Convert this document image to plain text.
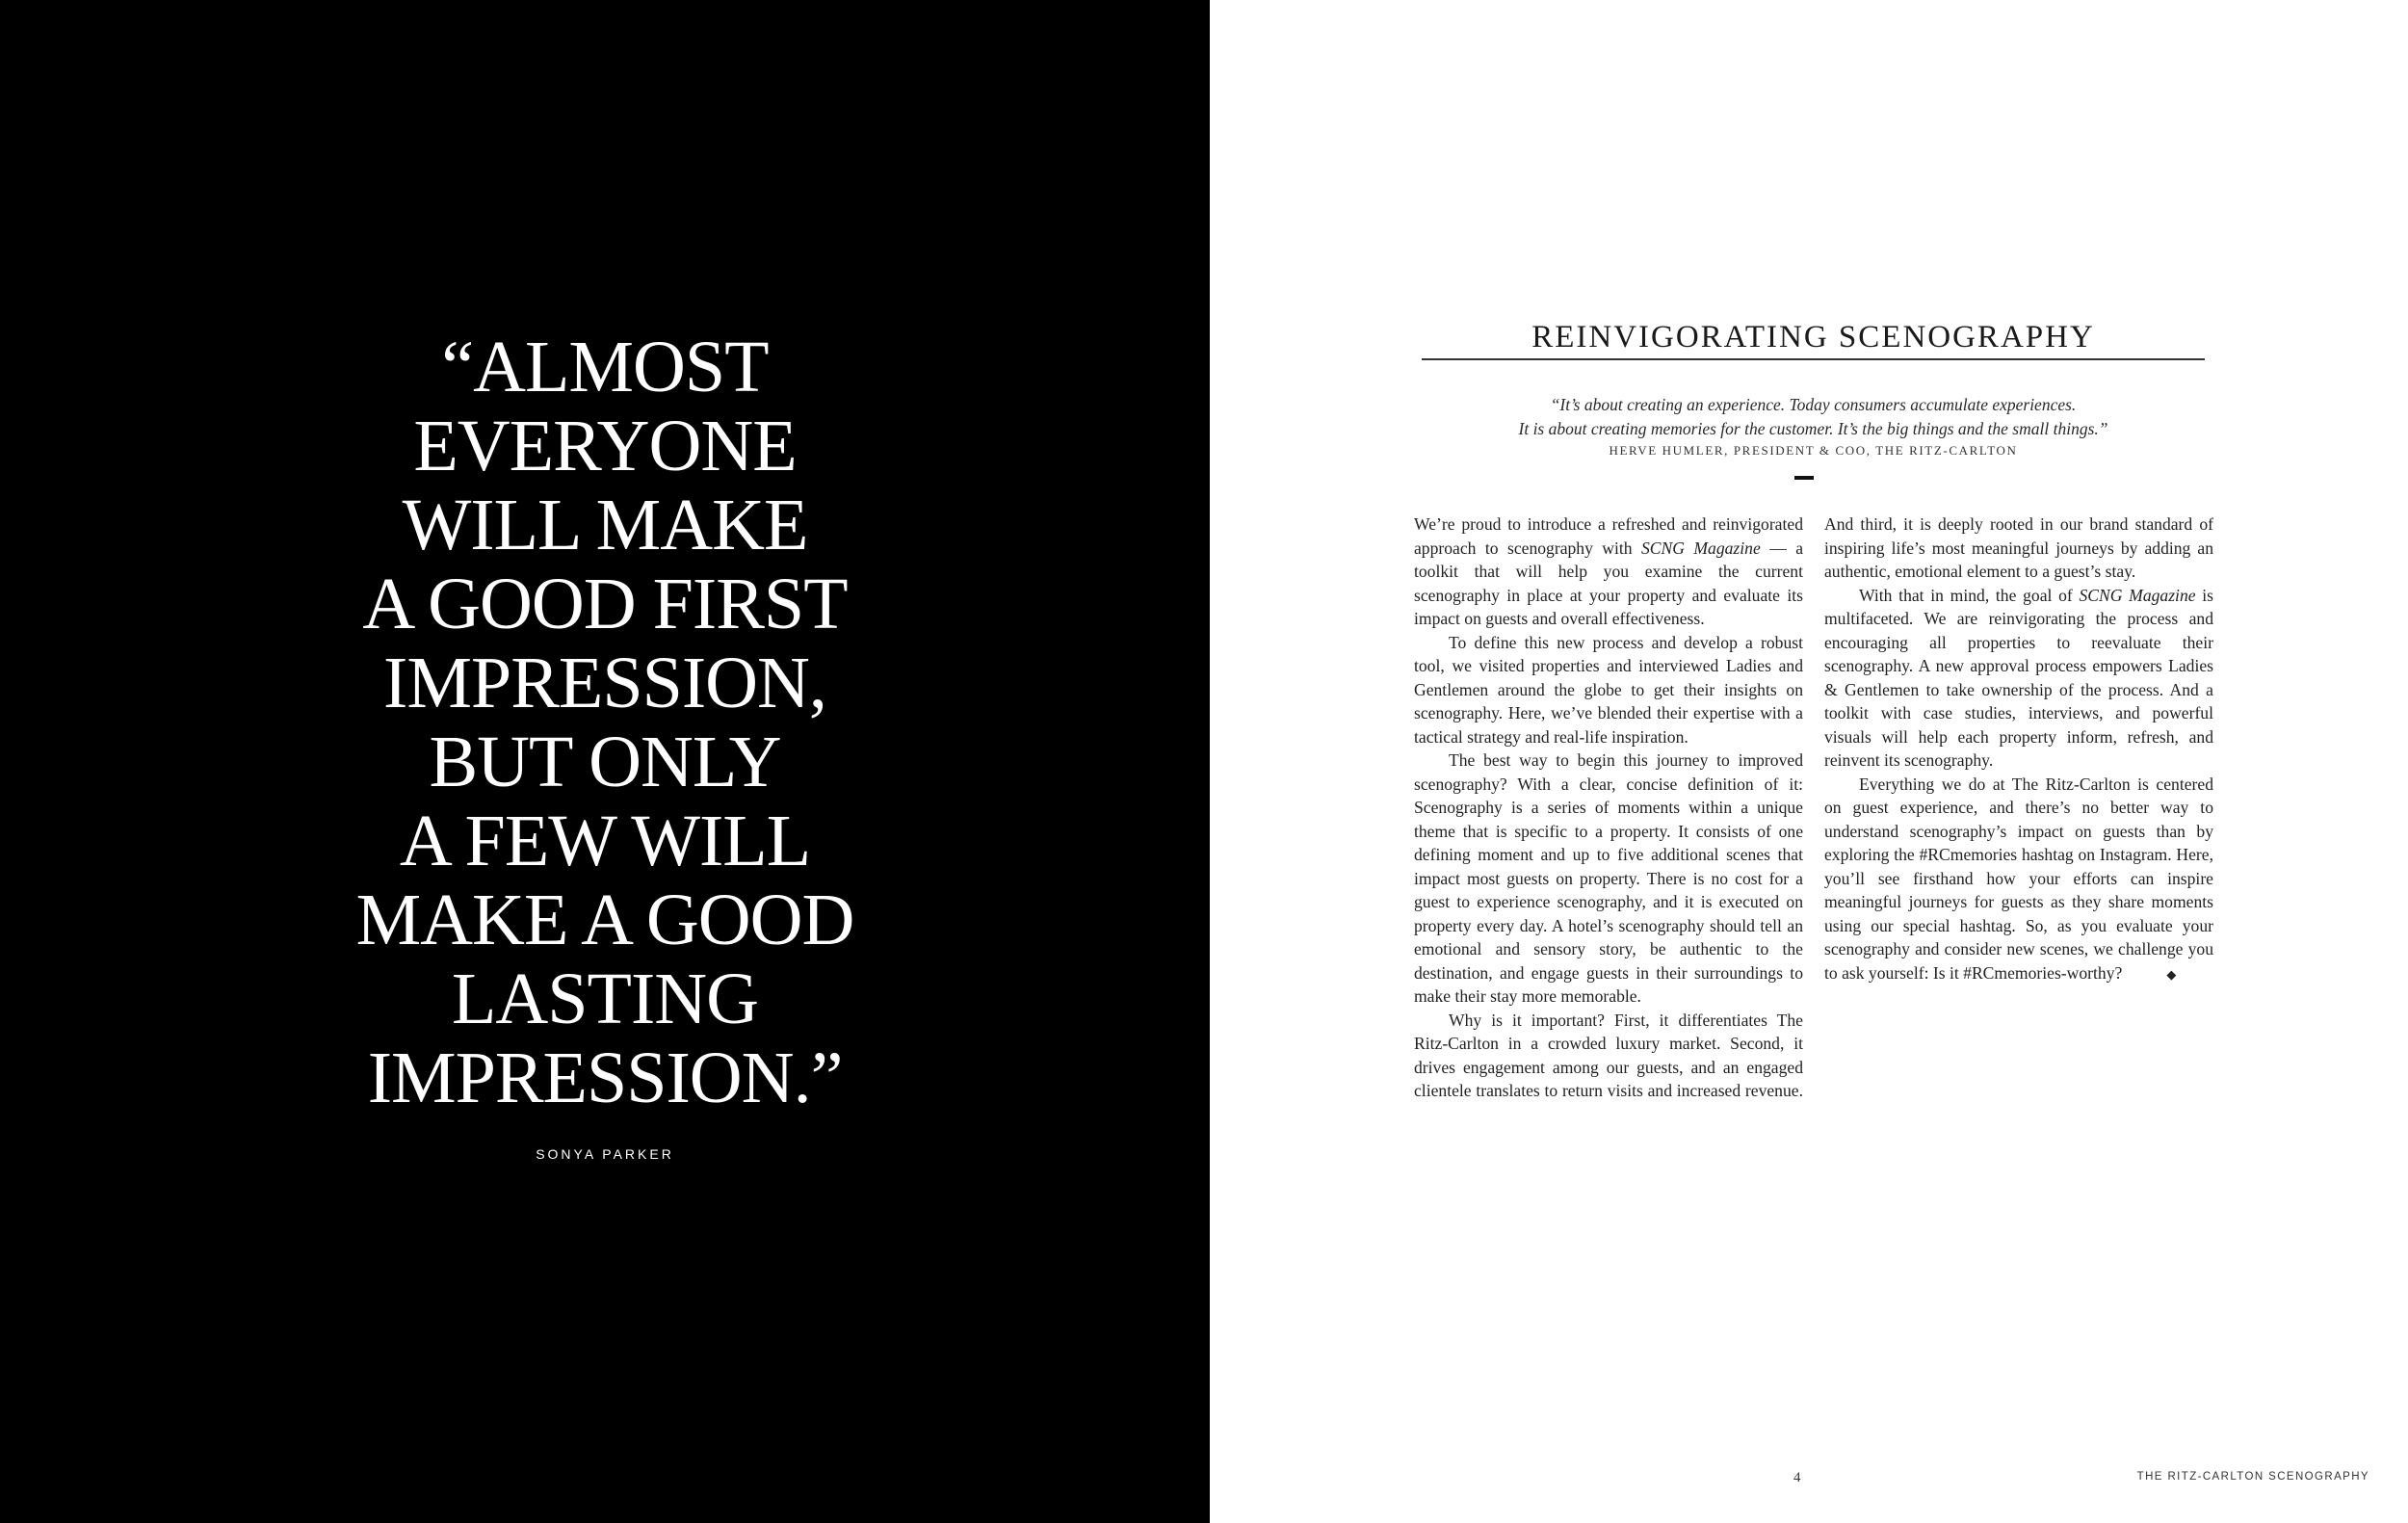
“ALMOST
EVERYONE
WILL MAKE
A GOOD FIRST
IMPRESSION,
BUT ONLY
A FEW WILL
MAKE A GOOD
LASTING
IMPRESSION.”
SONYA PARKER
REINVIGORATING SCENOGRAPHY
“It’s about creating an experience. Today consumers accumulate experiences.
It is about creating memories for the customer. It’s the big things and the small things.”
HERVE HUMLER, PRESIDENT & COO, THE RITZ-CARLTON

We’re proud to introduce a refreshed and reinvigorated approach to scenography with SCNG Magazine — a toolkit that will help you examine the current scenography in place at your property and evaluate its impact on guests and overall effectiveness.

To define this new process and develop a robust tool, we visited properties and interviewed Ladies and Gentlemen around the globe to get their insights on scenography. Here, we’ve blended their expertise with a tactical strategy and real-life inspiration.

The best way to begin this journey to improved scenography? With a clear, concise definition of it: Scenography is a series of moments within a unique theme that is specific to a property. It consists of one defining moment and up to five additional scenes that impact most guests on property. There is no cost for a guest to experience scenography, and it is executed on property every day. A hotel’s scenography should tell an emotional and sensory story, be authentic to the destination, and engage guests in their surroundings to make their stay more memorable.

Why is it important? First, it differentiates The Ritz-Carlton in a crowded luxury market. Second, it drives engagement among our guests, and an engaged clientele translates to return visits and increased revenue. And third, it is deeply rooted in our brand standard of inspiring life’s most meaningful journeys by adding an authentic, emotional element to a guest’s stay.

With that in mind, the goal of SCNG Magazine is multifaceted. We are reinvigorating the process and encouraging all properties to reevaluate their scenography. A new approval process empowers Ladies & Gentlemen to take ownership of the process. And a toolkit with case studies, interviews, and powerful visuals will help each property inform, refresh, and reinvent its scenography.

Everything we do at The Ritz-Carlton is centered on guest experience, and there’s no better way to understand scenography’s impact on guests than by exploring the #RCmemories hashtag on Instagram. Here, you’ll see firsthand how your efforts can inspire meaningful journeys for guests as they share moments using our special hashtag. So, as you evaluate your scenography and consider new scenes, we challenge you to ask yourself: Is it #RCmemories-worthy?	◆

4	THE RITZ-CARLTON SCENOGRAPHY
